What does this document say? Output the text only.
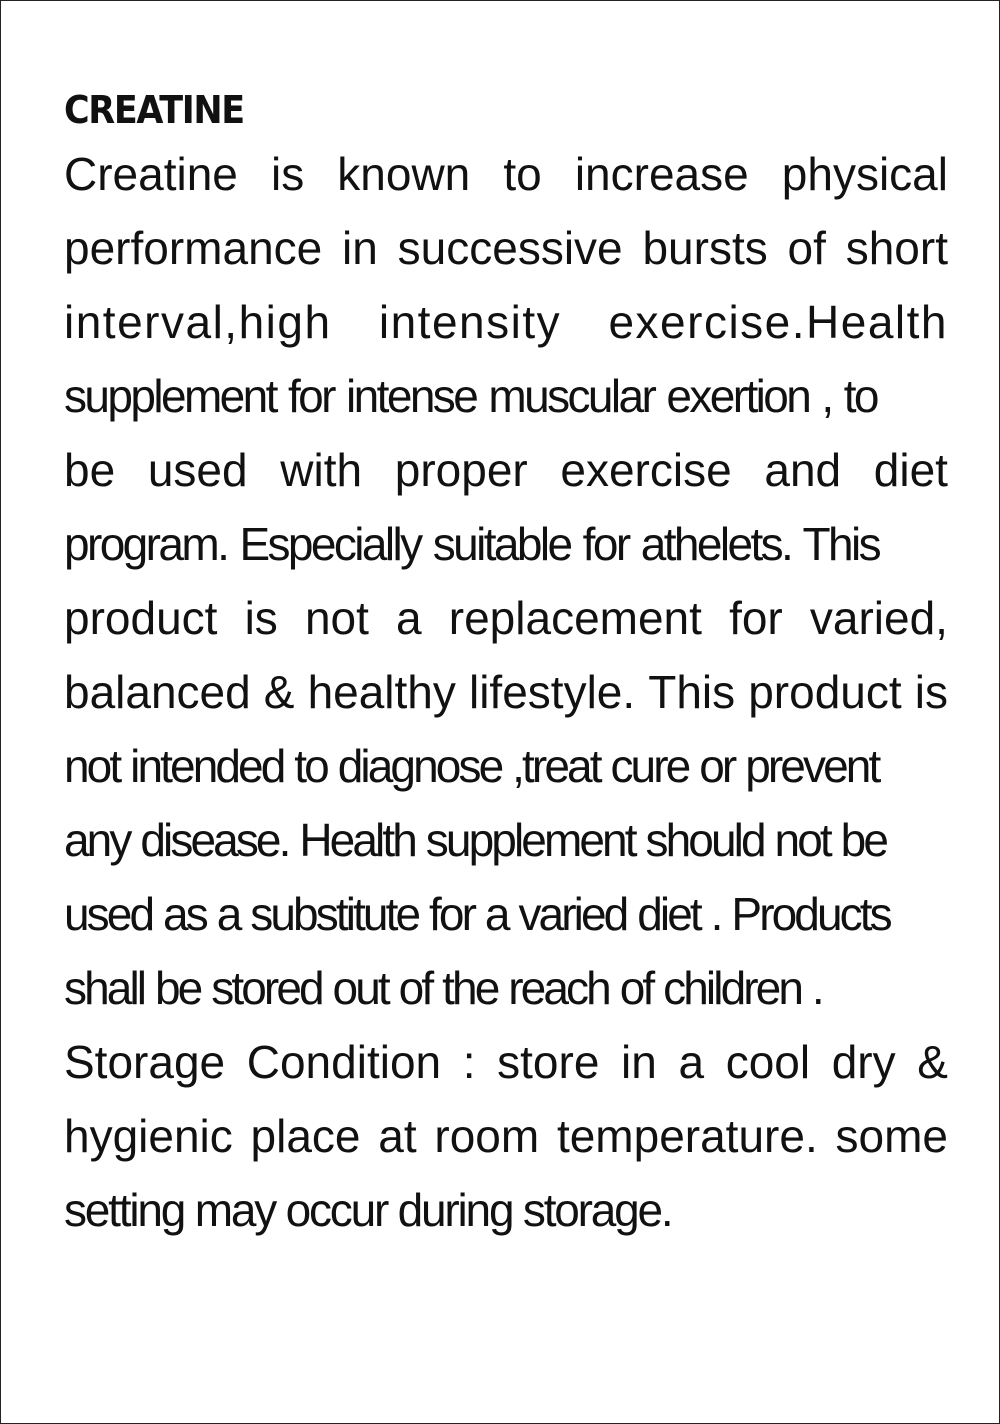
CREATINE
Creatine is known to increase physical
performance in successive bursts of short
interval,high intensity exercise.Health
supplement for intense muscular exertion , to
be used with proper exercise and diet
program. Especially suitable for athelets. This
product is not a replacement for varied,
balanced & healthy lifestyle. This product is
not intended to diagnose ,treat cure or prevent
any disease. Health supplement should not be
used as a substitute for a varied diet . Products
shall be stored out of the reach of children .
Storage Condition : store in a cool dry &
hygienic place at room temperature. some
setting may occur during storage.
